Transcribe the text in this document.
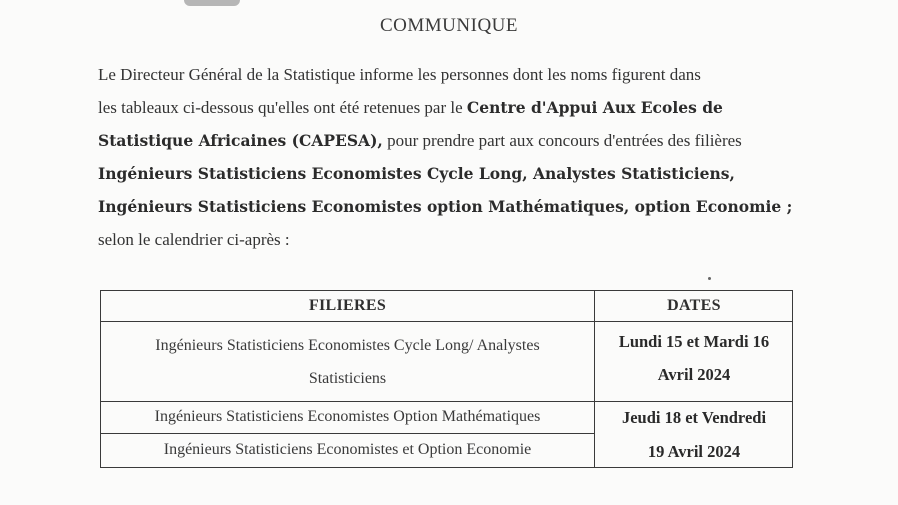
COMMUNIQUE
Le Directeur Général de la Statistique informe les personnes dont les noms figurent dans
les tableaux ci-dessous qu'elles ont été retenues par le Centre d'Appui Aux Ecoles de
Statistique Africaines (CAPESA), pour prendre part aux concours d'entrées des filières
Ingénieurs Statisticiens Economistes Cycle Long, Analystes Statisticiens,
Ingénieurs Statisticiens Economistes option Mathématiques, option Economie ;
selon le calendrier ci-après :
FILIERES	DATES
Ingénieurs Statisticiens Economistes Cycle Long/ Analystes
Statisticiens
Lundi 15 et Mardi 16
Avril 2024
Ingénieurs Statisticiens Economistes Option Mathématiques
Ingénieurs Statisticiens Economistes et Option Economie
Jeudi 18 et Vendredi
19 Avril 2024
